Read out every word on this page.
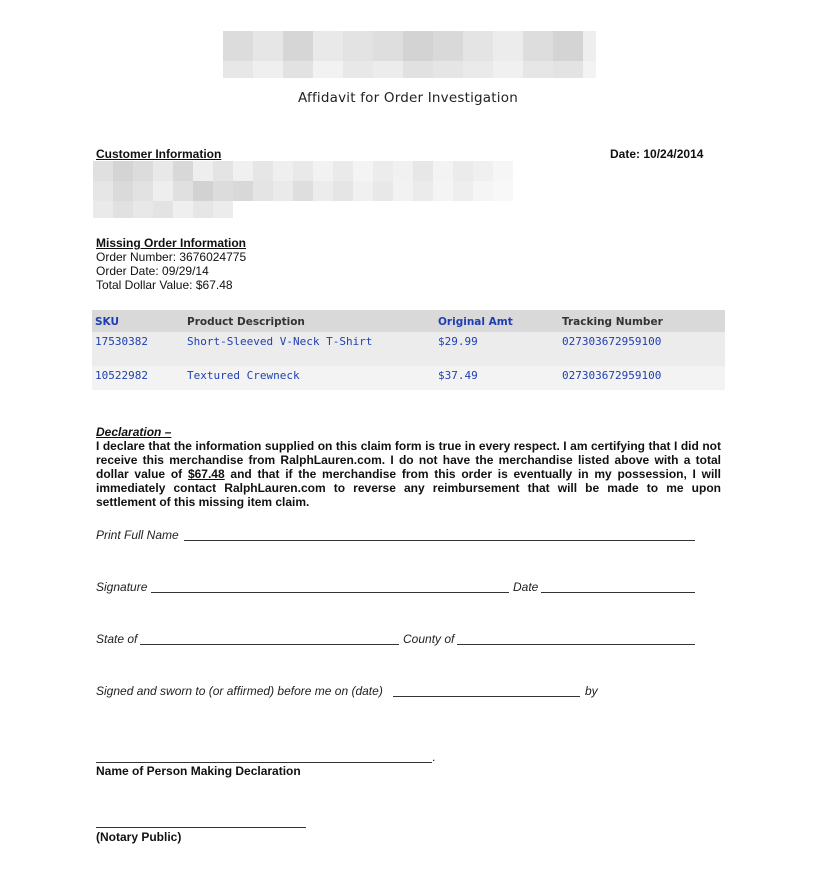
Affidavit for Order Investigation
Customer Information	Date: 10/24/2014
Missing Order Information
Order Number: 3676024775
Order Date: 09/29/14
Total Dollar Value: $67.48
SKU	Product Description	Original Amt	Tracking Number
17530382	Short-Sleeved V-Neck T-Shirt	$29.99	027303672959100
10522982	Textured Crewneck	$37.49	027303672959100
Declaration –
I declare that the information supplied on this claim form is true in every respect. I am certifying that I did not receive this merchandise from RalphLauren.com. I do not have the merchandise listed above with a total dollar value of $67.48 and that if the merchandise from this order is eventually in my possession, I will immediately contact RalphLauren.com to reverse any reimbursement that will be made to me upon settlement of this missing item claim.
Print Full Name
Signature	Date
State of	County of
Signed and sworn to (or affirmed) before me on (date)	by
.
Name of Person Making Declaration
(Notary Public)
